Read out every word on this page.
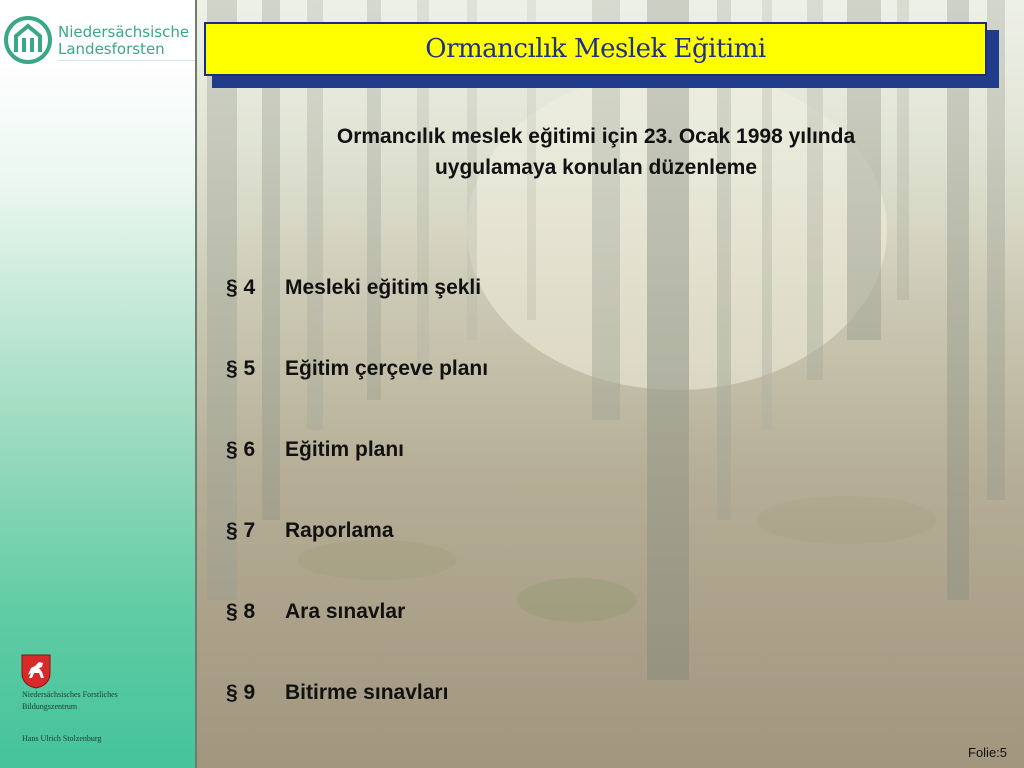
Niedersächsische
Landesforsten
Niedersächsisches Forstliches
Bildungszentrum
Hans Ulrich Stolzenburg
Ormancılık Meslek Eğitimi
Ormancılık meslek eğitimi için 23. Ocak 1998 yılında
uygulamaya konulan düzenleme
§ 4 Mesleki eğitim şekli
§ 5 Eğitim çerçeve planı
§ 6 Eğitim planı
§ 7 Raporlama
§ 8 Ara sınavlar
§ 9 Bitirme sınavları
Folie:5
